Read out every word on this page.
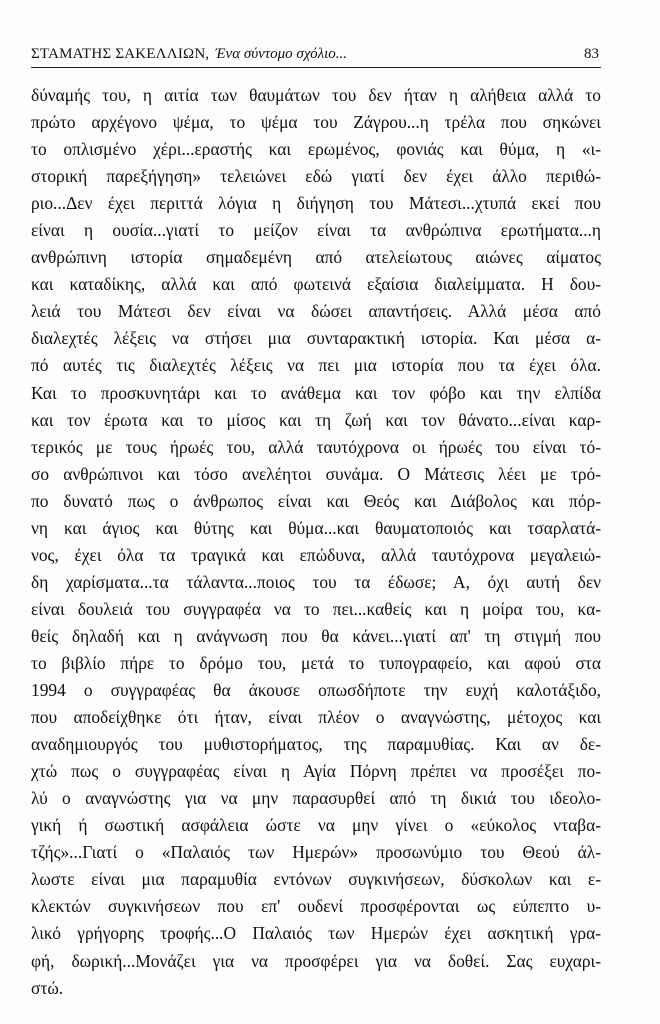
ΣΤΑΜΑΤΗΣ ΣΑΚΕΛΛΙΩΝ, Ένα σύντομο σχόλιο...	83
δύναμής του, η αιτία των θαυμάτων του δεν ήταν η αλήθεια αλλά το
πρώτο αρχέγονο ψέμα, το ψέμα του Ζάγρου...η τρέλα που σηκώνει
το οπλισμένο χέρι...εραστής και ερωμένος, φονιάς και θύμα, η «ι-
στορική παρεξήγηση» τελειώνει εδώ γιατί δεν έχει άλλο περιθώ-
ριο...Δεν έχει περιττά λόγια η διήγηση του Μάτεσι...χτυπά εκεί που
είναι η ουσία...γιατί το μείζον είναι τα ανθρώπινα ερωτήματα...η
ανθρώπινη ιστορία σημαδεμένη από ατελείωτους αιώνες αίματος
και καταδίκης, αλλά και από φωτεινά εξαίσια διαλείμματα. Η δου-
λειά του Μάτεσι δεν είναι να δώσει απαντήσεις. Αλλά μέσα από
διαλεχτές λέξεις να στήσει μια συνταρακτική ιστορία. Και μέσα α-
πό αυτές τις διαλεχτές λέξεις να πει μια ιστορία που τα έχει όλα.
Και το προσκυνητάρι και το ανάθεμα και τον φόβο και την ελπίδα
και τον έρωτα και το μίσος και τη ζωή και τον θάνατο...είναι καρ-
τερικός με τους ήρωές του, αλλά ταυτόχρονα οι ήρωές του είναι τό-
σο ανθρώπινοι και τόσο ανελέητοι συνάμα. Ο Μάτεσις λέει με τρό-
πο δυνατό πως ο άνθρωπος είναι και Θεός και Διάβολος και πόρ-
νη και άγιος και θύτης και θύμα...και θαυματοποιός και τσαρλατά-
νος, έχει όλα τα τραγικά και επώδυνα, αλλά ταυτόχρονα μεγαλειώ-
δη χαρίσματα...τα τάλαντα...ποιος του τα έδωσε; Α, όχι αυτή δεν
είναι δουλειά του συγγραφέα να το πει...καθείς και η μοίρα του, κα-
θείς δηλαδή και η ανάγνωση που θα κάνει...γιατί απ' τη στιγμή που
το βιβλίο πήρε το δρόμο του, μετά το τυπογραφείο, και αφού στα
1994 ο συγγραφέας θα άκουσε οπωσδήποτε την ευχή καλοτάξιδο,
που αποδείχθηκε ότι ήταν, είναι πλέον ο αναγνώστης, μέτοχος και
αναδημιουργός του μυθιστορήματος, της παραμυθίας. Και αν δε-
χτώ πως ο συγγραφέας είναι η Αγία Πόρνη πρέπει να προσέξει πο-
λύ ο αναγνώστης για να μην παρασυρθεί από τη δικιά του ιδεολο-
γική ή σωστική ασφάλεια ώστε να μην γίνει ο «εύκολος νταβα-
τζής»...Γιατί ο «Παλαιός των Ημερών» προσωνύμιο του Θεού άλ-
λωστε είναι μια παραμυθία εντόνων συγκινήσεων, δύσκολων και ε-
κλεκτών συγκινήσεων που επ' ουδενί προσφέρονται ως εύπεπτο υ-
λικό γρήγορης τροφής...Ο Παλαιός των Ημερών έχει ασκητική γρα-
φή, δωρική...Μονάζει για να προσφέρει για να δοθεί. Σας ευχαρι-
στώ.
